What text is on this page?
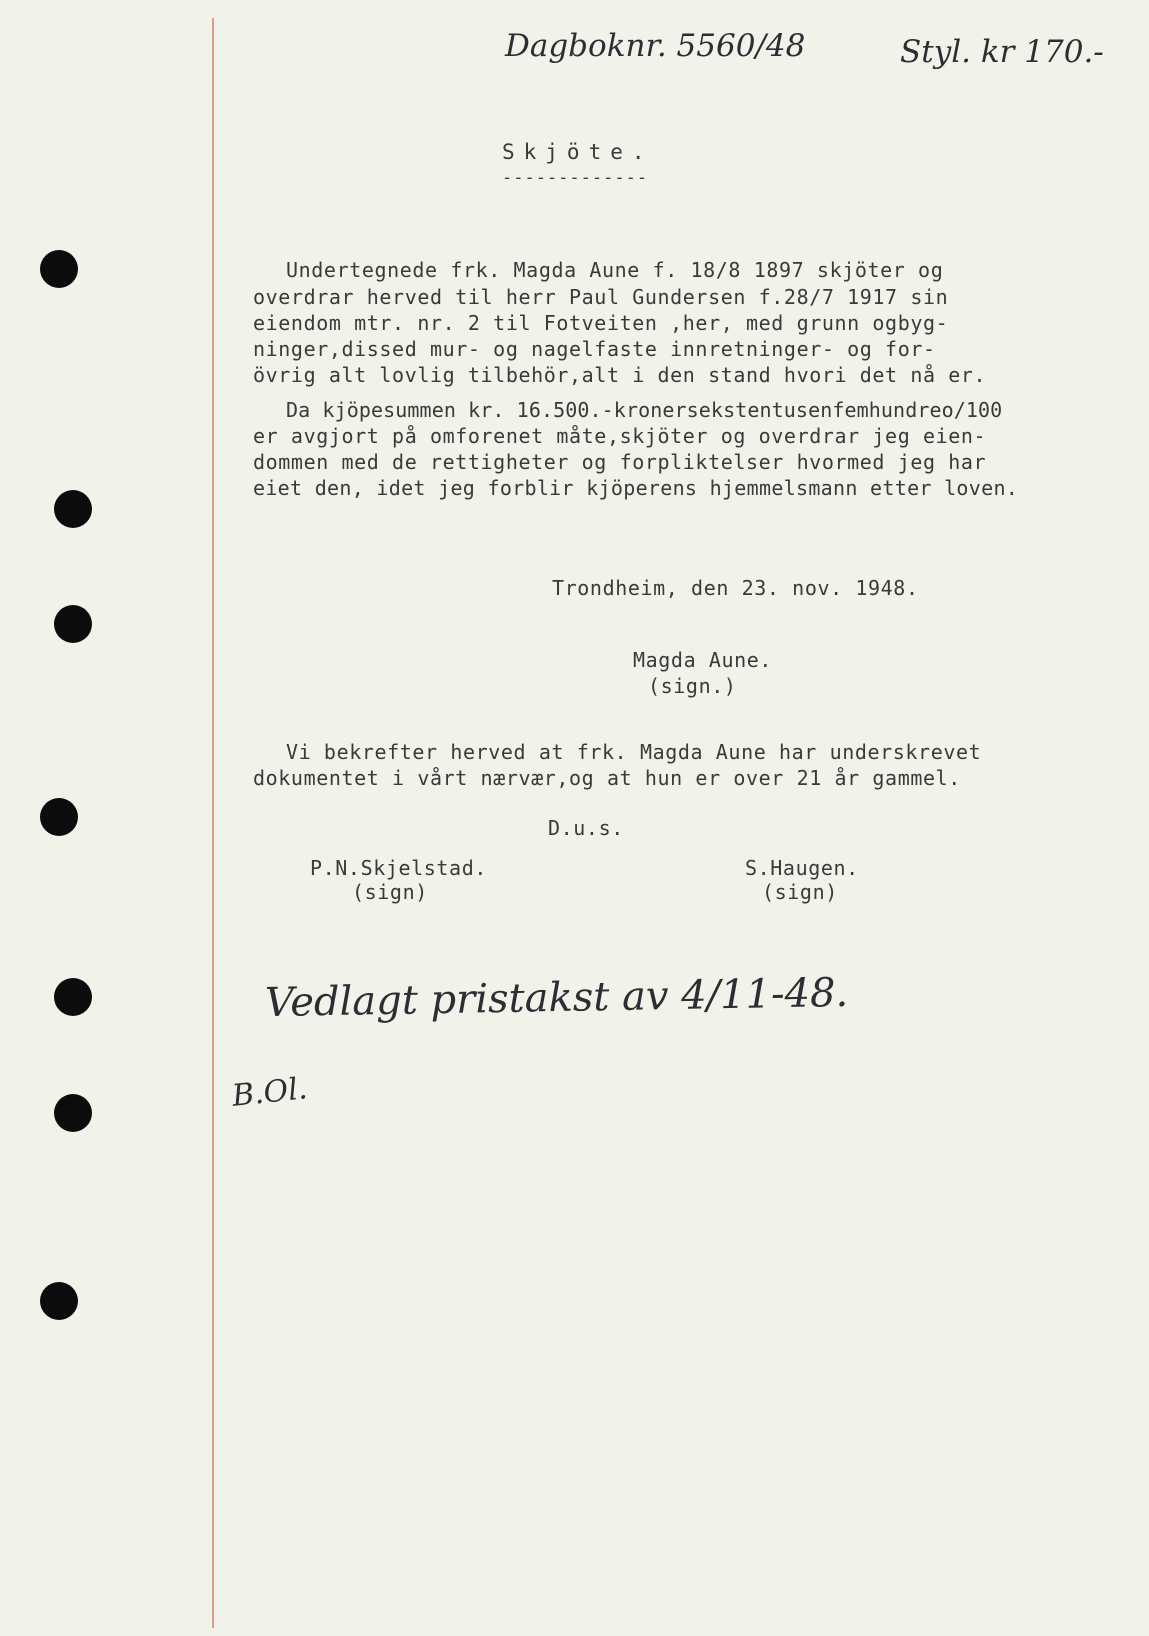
Dagboknr. 5560/48	Styl. kr 170.-
Skjöte.
-------------
Undertegnede frk. Magda Aune f. 18/8 1897 skjöter og
overdrar herved til herr Paul Gundersen f.28/7 1917 sin
eiendom mtr. nr. 2 til Fotveiten ,her, med grunn ogbyg-
ninger,dissed mur- og nagelfaste innretninger- og for-
övrig alt lovlig tilbehör,alt i den stand hvori det nå er.
Da kjöpesummen kr. 16.500.-kronersekstentusenfemhundreo/100
er avgjort på omforenet måte,skjöter og overdrar jeg eien-
dommen med de rettigheter og forpliktelser hvormed jeg har
eiet den, idet jeg forblir kjöperens hjemmelsmann etter loven.
Trondheim, den 23. nov. 1948.
Magda Aune.
(sign.)
Vi bekrefter herved at frk. Magda Aune har underskrevet
dokumentet i vårt nærvær,og at hun er over 21 år gammel.
D.u.s.
P.N.Skjelstad.
(sign)
S.Haugen.
(sign)
Vedlagt pristakst av 4/11-48.
B.Ol.
